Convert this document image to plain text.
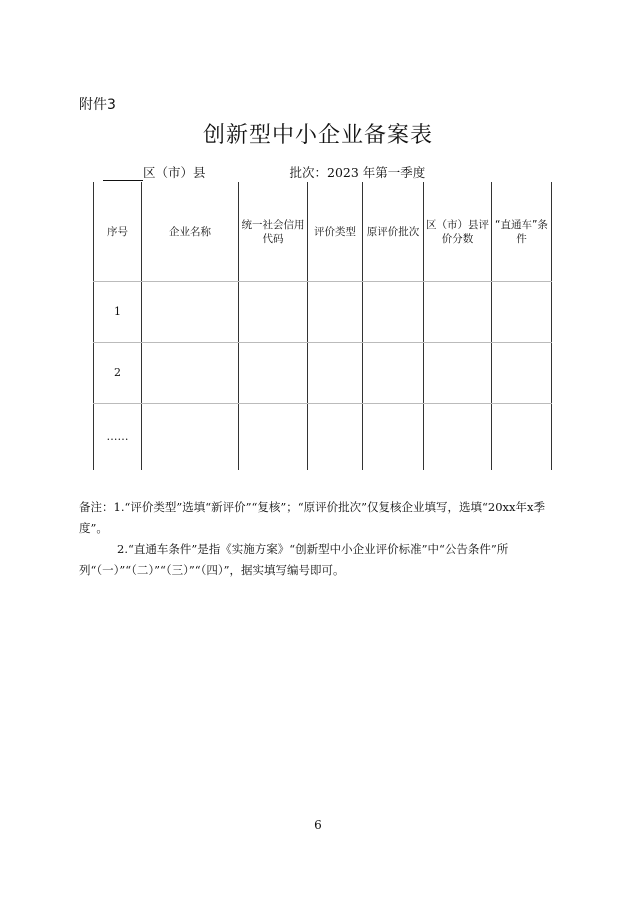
附件3
创新型中小企业备案表
区（市）县	批次：2023 年第一季度
序号	企业名称	统一社会信用代码	评价类型	原评价批次	区（市）县评价分数	“直通车”条件
1						
2						
……						

备注：1.“评价类型”选填“新评价”“复核”；“原评价批次”仅复核企业填写，选填“20xx年x季度”。

2.“直通车条件”是指《实施方案》“创新型中小企业评价标准”中“公告条件”所列“（一）”“（二）”“（三）”“（四）”，据实填写编号即可。

6
